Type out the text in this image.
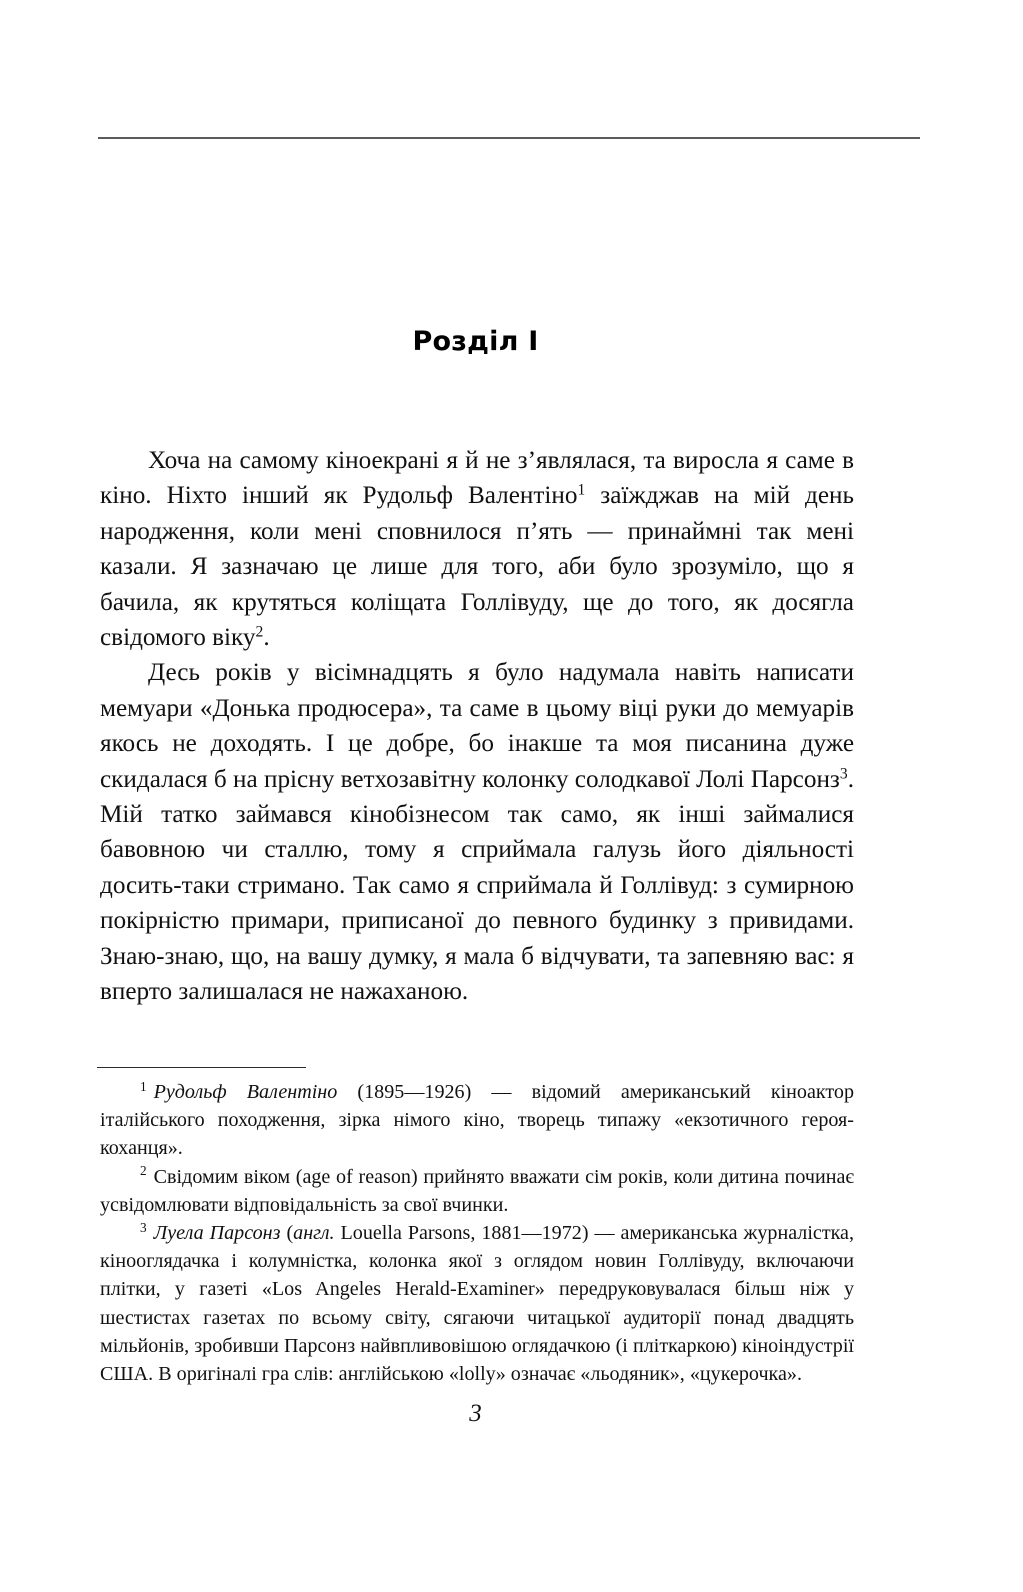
Розділ I

Хоча на самому кіноекрані я й не з’являлася, та виросла я саме в кіно. Ніхто інший як Рудольф Валентіно$^1$ заїжджав на мій день народження, коли мені сповнилося п’ять — принаймні так мені казали. Я зазначаю це лише для того, аби було зрозуміло, що я бачила, як крутяться коліщата Голлівуду, ще до того, як досягла свідомого віку$^2$.

Десь років у вісімнадцять я було надумала навіть написати мемуари «Донька продюсера», та саме в цьому віці руки до мемуарів якось не доходять. І це добре, бо інакше та моя писанина дуже скидалася б на прісну ветхозавітну колонку солодкавої Лолі Парсонз$^3$. Мій татко займався кінобізнесом так само, як інші займалися бавовною чи сталлю, тому я сприймала галузь його діяльності досить-таки стримано. Так само я сприймала й Голлівуд: з сумирною покірністю примари, приписаної до певного будинку з привидами. Знаю-знаю, що, на вашу думку, я мала б відчувати, та запевняю вас: я вперто залишалася не нажаханою.

$^1$ Рудольф Валентіно (1895—1926) — відомий американський кіноактор італійського походження, зірка німого кіно, творець типажу «екзотичного героя-коханця».

$^2$ Свідомим віком (age of reason) прийнято вважати сім років, коли дитина починає усвідомлювати відповідальність за свої вчинки.

$^3$ Луела Парсонз (англ. Louella Parsons, 1881—1972) — американська журналістка, кінооглядачка і колумністка, колонка якої з оглядом новин Голлівуду, включаючи плітки, у газеті «Los Angeles Herald-Examiner» передруковувалася більш ніж у шестистах газетах по всьому світу, сягаючи читацької аудиторії понад двадцять мільйонів, зробивши Парсонз найвпливовішою оглядачкою (і пліткаркою) кіноіндустрії США. В оригіналі гра слів: англійською «lolly» означає «льодяник», «цукерочка».

3
